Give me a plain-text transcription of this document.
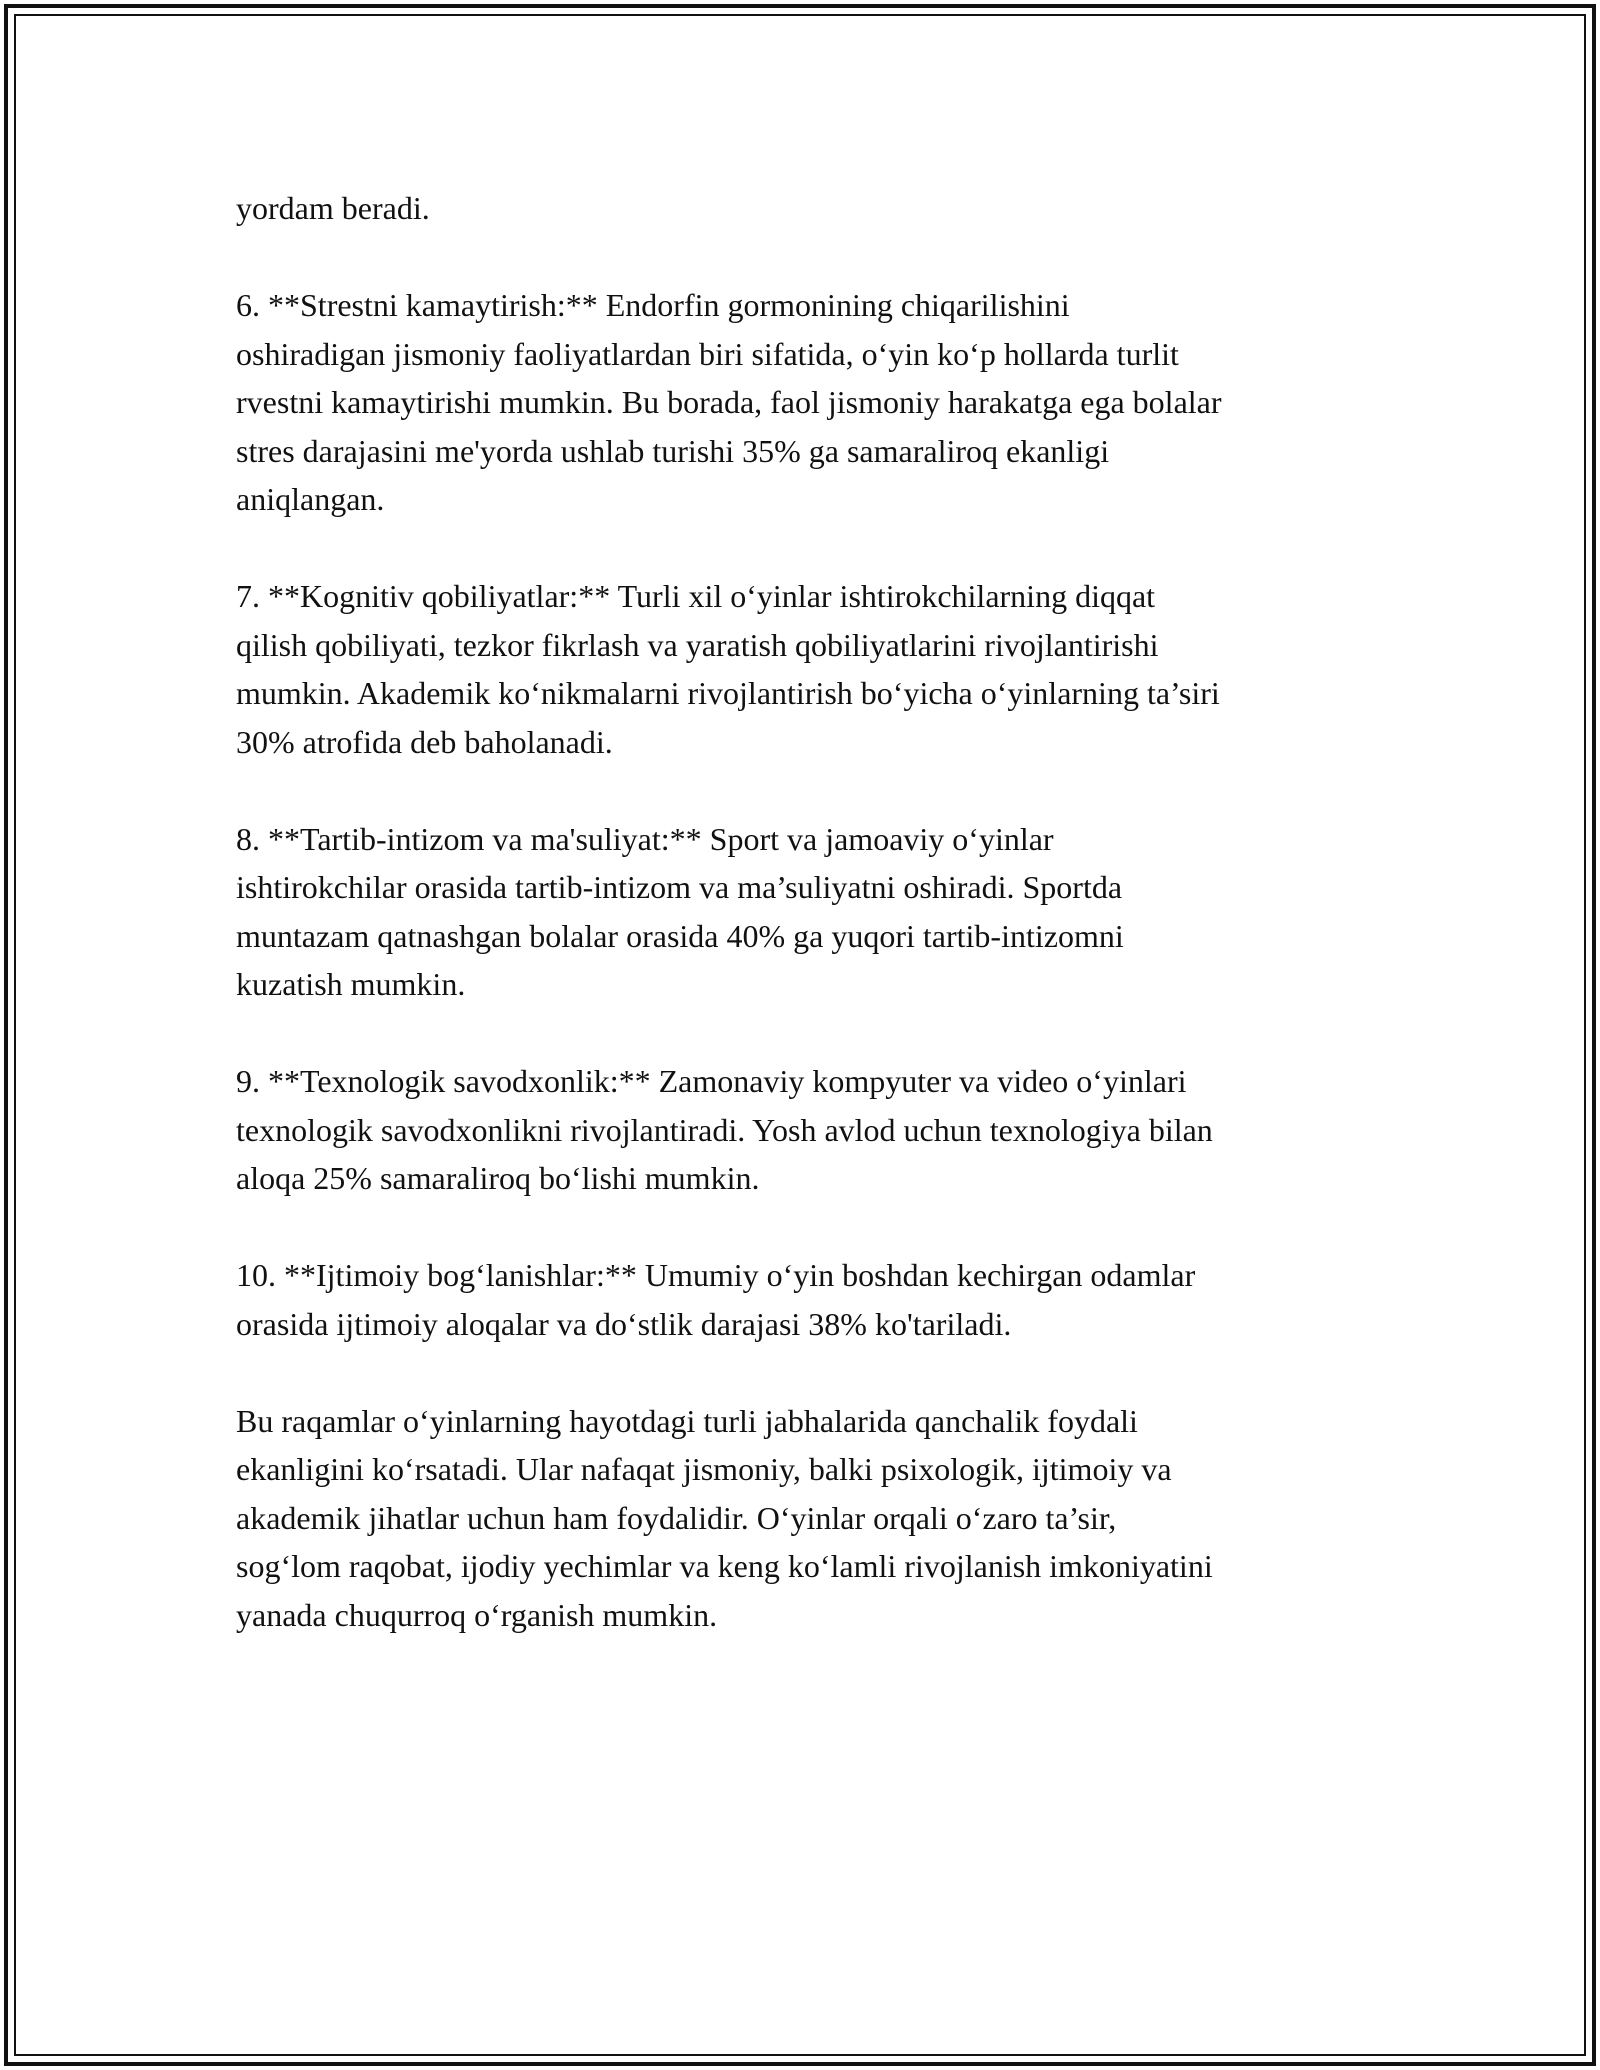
yordam beradi.

6. **Strestni kamaytirish:** Endorfin gormonining chiqarilishini
oshiradigan jismoniy faoliyatlardan biri sifatida, o‘yin ko‘p hollarda turlit
rvestni kamaytirishi mumkin. Bu borada, faol jismoniy harakatga ega bolalar
stres darajasini me'yorda ushlab turishi 35% ga samaraliroq ekanligi
aniqlangan.

7. **Kognitiv qobiliyatlar:** Turli xil o‘yinlar ishtirokchilarning diqqat
qilish qobiliyati, tezkor fikrlash va yaratish qobiliyatlarini rivojlantirishi
mumkin. Akademik ko‘nikmalarni rivojlantirish bo‘yicha o‘yinlarning ta’siri
30% atrofida deb baholanadi.

8. **Tartib-intizom va ma'suliyat:** Sport va jamoaviy o‘yinlar
ishtirokchilar orasida tartib-intizom va ma’suliyatni oshiradi. Sportda
muntazam qatnashgan bolalar orasida 40% ga yuqori tartib-intizomni
kuzatish mumkin.

9. **Texnologik savodxonlik:** Zamonaviy kompyuter va video o‘yinlari
texnologik savodxonlikni rivojlantiradi. Yosh avlod uchun texnologiya bilan
aloqa 25% samaraliroq bo‘lishi mumkin.

10. **Ijtimoiy bog‘lanishlar:** Umumiy o‘yin boshdan kechirgan odamlar
orasida ijtimoiy aloqalar va do‘stlik darajasi 38% ko'tariladi.

Bu raqamlar o‘yinlarning hayotdagi turli jabhalarida qanchalik foydali
ekanligini ko‘rsatadi. Ular nafaqat jismoniy, balki psixologik, ijtimoiy va
akademik jihatlar uchun ham foydalidir. O‘yinlar orqali o‘zaro ta’sir,
sog‘lom raqobat, ijodiy yechimlar va keng ko‘lamli rivojlanish imkoniyatini
yanada chuqurroq o‘rganish mumkin.
